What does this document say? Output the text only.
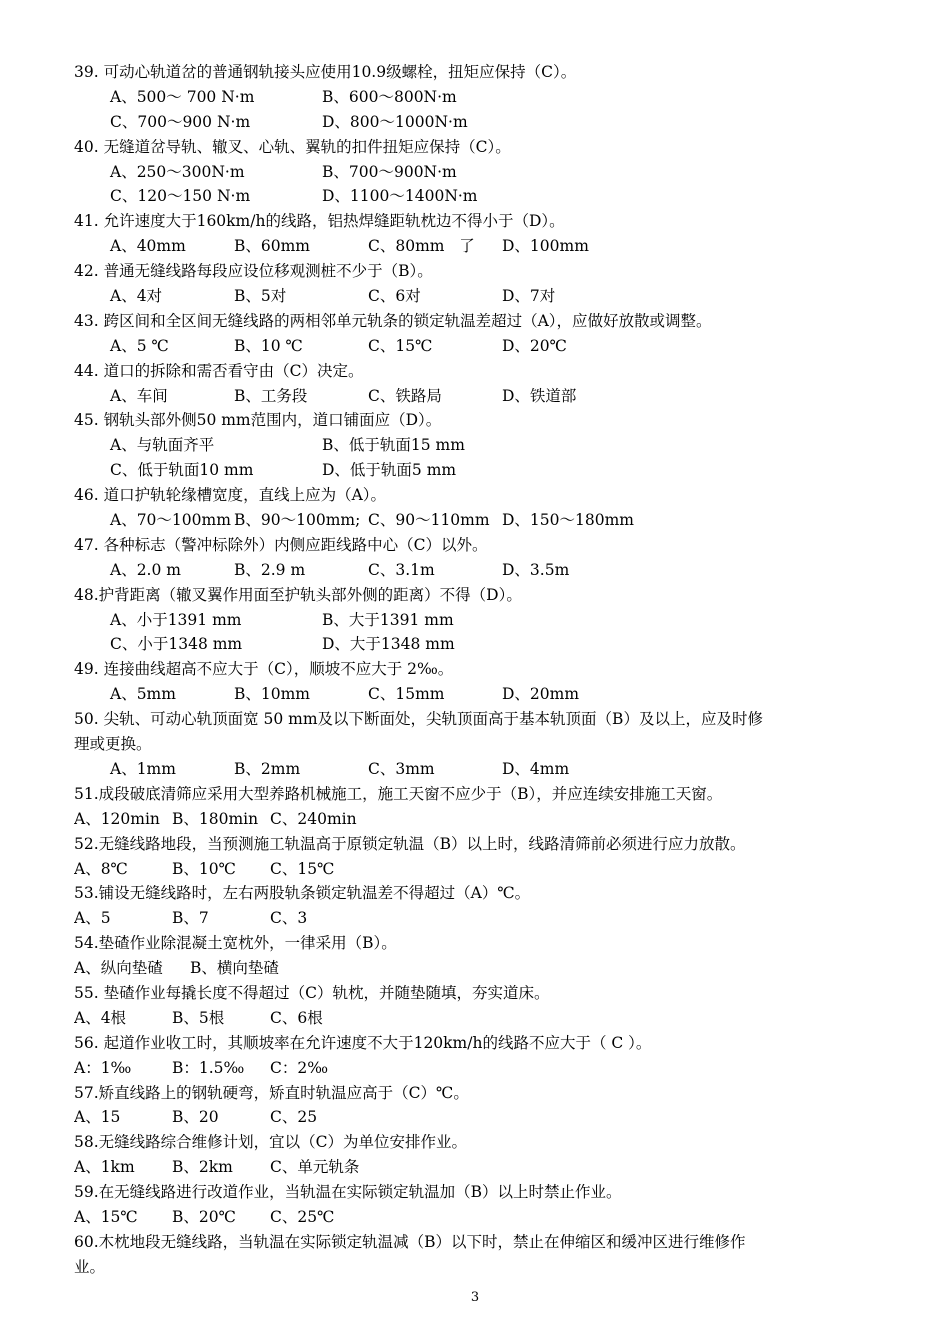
39. 可动心轨道岔的普通钢轨接头应使用10.9级螺栓，扭矩应保持（C）。
A、500～ 700 N·m	B、600～800N·m
C、700～900 N·m	D、800～1000N·m
40. 无缝道岔导轨、辙叉、心轨、翼轨的扣件扭矩应保持（C）。
A、250～300N·m	B、700～900N·m
C、120～150 N·m	D、1100～1400N·m
41. 允许速度大于160km/h的线路，铝热焊缝距轨枕边不得小于（D）。
A、40mm	B、60mm	C、80mm   了 D、100mm
42. 普通无缝线路每段应设位移观测桩不少于（B）。
A、4对	B、5对	C、6对	D、7对
43. 跨区间和全区间无缝线路的两相邻单元轨条的锁定轨温差超过（A），应做好放散或调整。
A、5 ℃	B、10 ℃	C、15℃	D、20℃
44. 道口的拆除和需否看守由（C）决定。
A、车间	B、工务段	C、铁路局	D、铁道部
45. 钢轨头部外侧50 mm范围内，道口铺面应（D）。
A、与轨面齐平	B、低于轨面15 mm
C、低于轨面10 mm	D、低于轨面5 mm
46. 道口护轨轮缘槽宽度，直线上应为（A）。
A、70～100mm B、90～100mm; C、90～110mm D、150～180mm
47. 各种标志（警冲标除外）内侧应距线路中心（C）以外。
A、2.0 m	B、2.9 m	C、3.1m	D、3.5m
48.护背距离（辙叉翼作用面至护轨头部外侧的距离）不得（D）。
A、小于1391 mm	B、大于1391 mm
C、小于1348 mm	D、大于1348 mm
49. 连接曲线超高不应大于（C），顺坡不应大于 2‰。
A、5mm	B、10mm	C、15mm	D、20mm
50. 尖轨、可动心轨顶面宽 50 mm及以下断面处，尖轨顶面高于基本轨顶面（B）及以上，应及时修
理或更换。
A、1mm	B、2mm	C、3mm	D、4mm
51.成段破底清筛应采用大型养路机械施工，施工天窗不应少于（B），并应连续安排施工天窗。
A、120min B、180min C、240min
52.无缝线路地段，当预测施工轨温高于原锁定轨温（B）以上时，线路清筛前必须进行应力放散。
A、8℃	B、10℃ C、15℃
53.铺设无缝线路时，左右两股轨条锁定轨温差不得超过（A）℃。
A、5	B、7	C、3
54.垫碴作业除混凝土宽枕外，一律采用（B）。
A、纵向垫碴 B、横向垫碴
55. 垫碴作业每撬长度不得超过（C）轨枕，并随垫随填，夯实道床。
A、4根	B、5根	C、6根
56. 起道作业收工时，其顺坡率在允许速度不大于120km/h的线路不应大于（ C ）。
A：1‰	B：1.5‰ C：2‰
57.矫直线路上的钢轨硬弯，矫直时轨温应高于（C）℃。
A、15	B、20	C、25
58.无缝线路综合维修计划，宜以（C）为单位安排作业。
A、1km B、2km C、单元轨条
59.在无缝线路进行改道作业，当轨温在实际锁定轨温加（B）以上时禁止作业。
A、15℃ B、20℃ C、25℃
60.木枕地段无缝线路，当轨温在实际锁定轨温减（B）以下时，禁止在伸缩区和缓冲区进行维修作
业。
3
